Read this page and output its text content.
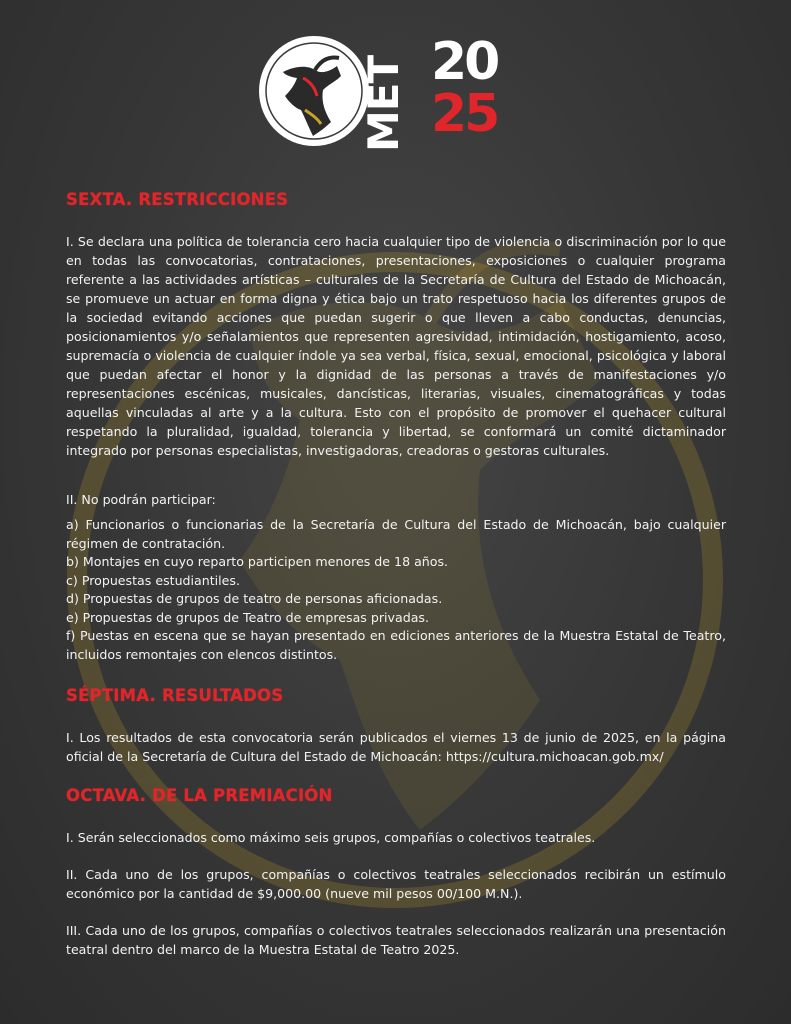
MET 20
25
SEXTA. RESTRICCIONES

I. Se declara una política de tolerancia cero hacia cualquier tipo de violencia o discriminación por lo que en todas las convocatorias, contrataciones, presentaciones, exposiciones o cualquier programa referente a las actividades artísticas – culturales de la Secretaría de Cultura del Estado de Michoacán, se promueve un actuar en forma digna y ética bajo un trato respetuoso hacia los diferentes grupos de la sociedad evitando acciones que puedan sugerir o que lleven a cabo conductas, denuncias, posicionamientos y/o señalamientos que representen agresividad, intimidación, hostigamiento, acoso, supremacía o violencia de cualquier índole ya sea verbal, física, sexual, emocional, psicológica y laboral que puedan afectar el honor y la dignidad de las personas a través de manifestaciones y/o representaciones escénicas, musicales, dancísticas, literarias, visuales, cinematográficas y todas aquellas vinculadas al arte y a la cultura. Esto con el propósito de promover el quehacer cultural respetando la pluralidad, igualdad, tolerancia y libertad, se conformará un comité dictaminador integrado por personas especialistas, investigadoras, creadoras o gestoras culturales.

II. No podrán participar:

a) Funcionarios o funcionarias de la Secretaría de Cultura del Estado de Michoacán, bajo cualquier régimen de contratación.

b) Montajes en cuyo reparto participen menores de 18 años.

c) Propuestas estudiantiles.

d) Propuestas de grupos de teatro de personas aficionadas.

e) Propuestas de grupos de Teatro de empresas privadas.

f) Puestas en escena que se hayan presentado en ediciones anteriores de la Muestra Estatal de Teatro, incluidos remontajes con elencos distintos.

SÉPTIMA. RESULTADOS

I. Los resultados de esta convocatoria serán publicados el viernes 13 de junio de 2025, en la página oficial de la Secretaría de Cultura del Estado de Michoacán: https://cultura.michoacan.gob.mx/

OCTAVA. DE LA PREMIACIÓN

I. Serán seleccionados como máximo seis grupos, compañías o colectivos teatrales.

II. Cada uno de los grupos, compañías o colectivos teatrales seleccionados recibirán un estímulo económico por la cantidad de $9,000.00 (nueve mil pesos 00/100 M.N.).

III. Cada uno de los grupos, compañías o colectivos teatrales seleccionados realizarán una presentación teatral dentro del marco de la Muestra Estatal de Teatro 2025.
